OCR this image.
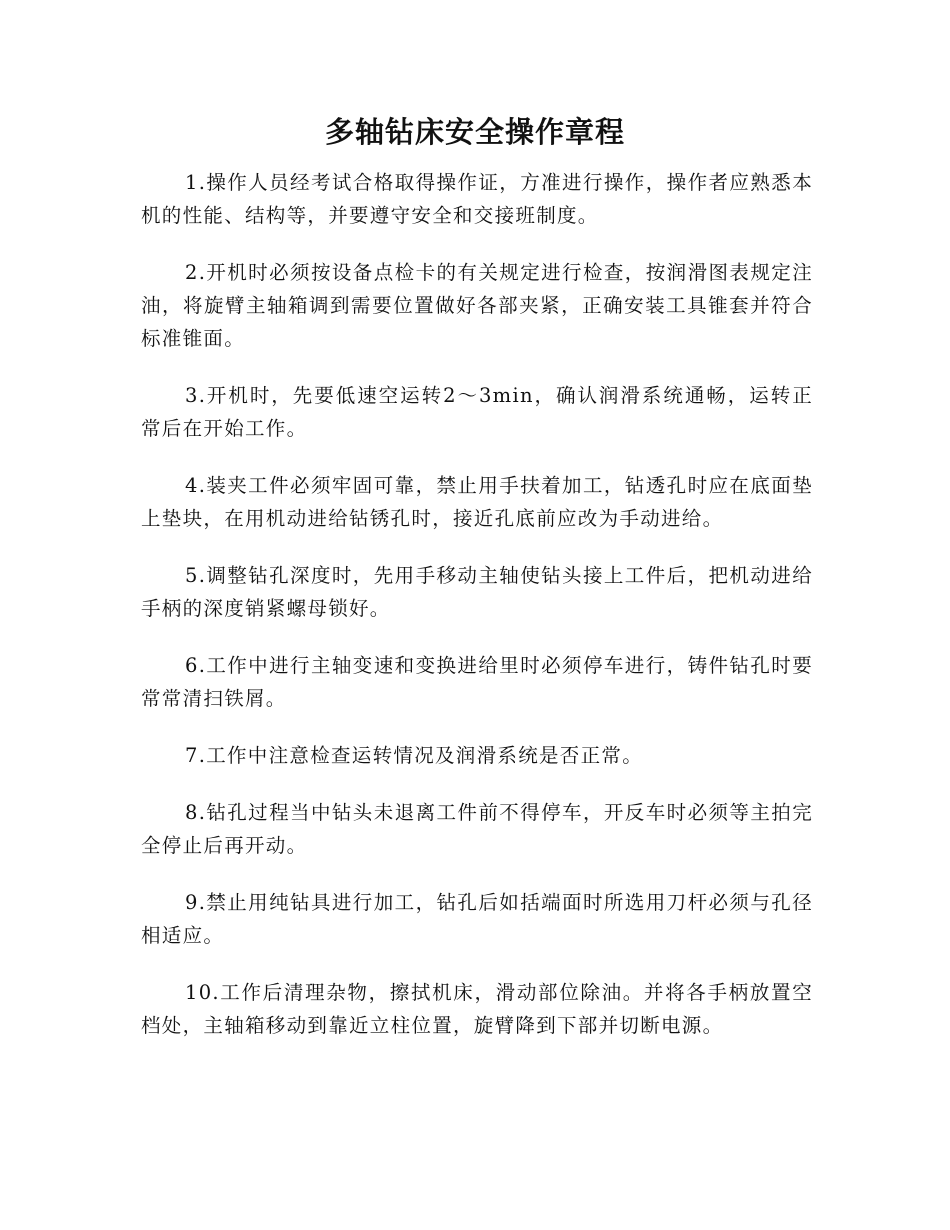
多轴钻床安全操作章程

1.操作人员经考试合格取得操作证，方准进行操作，操作者应熟悉本机的性能、结构等，并要遵守安全和交接班制度。

2.开机时必须按设备点检卡的有关规定进行检查，按润滑图表规定注油，将旋臂主轴箱调到需要位置做好各部夹紧，正确安装工具锥套并符合标准锥面。

3.开机时，先要低速空运转2～3min，确认润滑系统通畅，运转正常后在开始工作。

4.装夹工件必须牢固可靠，禁止用手扶着加工，钻透孔时应在底面垫上垫块，在用机动进给钻锈孔时，接近孔底前应改为手动进给。

5.调整钻孔深度时，先用手移动主轴使钻头接上工件后，把机动进给手柄的深度销紧螺母锁好。

6.工作中进行主轴变速和变换进给里时必须停车进行，铸件钻孔时要常常清扫铁屑。

7.工作中注意检查运转情况及润滑系统是否正常。

8.钻孔过程当中钻头未退离工件前不得停车，开反车时必须等主拍完全停止后再开动。

9.禁止用纯钻具进行加工，钻孔后如括端面时所选用刀杆必须与孔径相适应。

10.工作后清理杂物，擦拭机床，滑动部位除油。并将各手柄放置空档处，主轴箱移动到靠近立柱位置，旋臂降到下部并切断电源。
